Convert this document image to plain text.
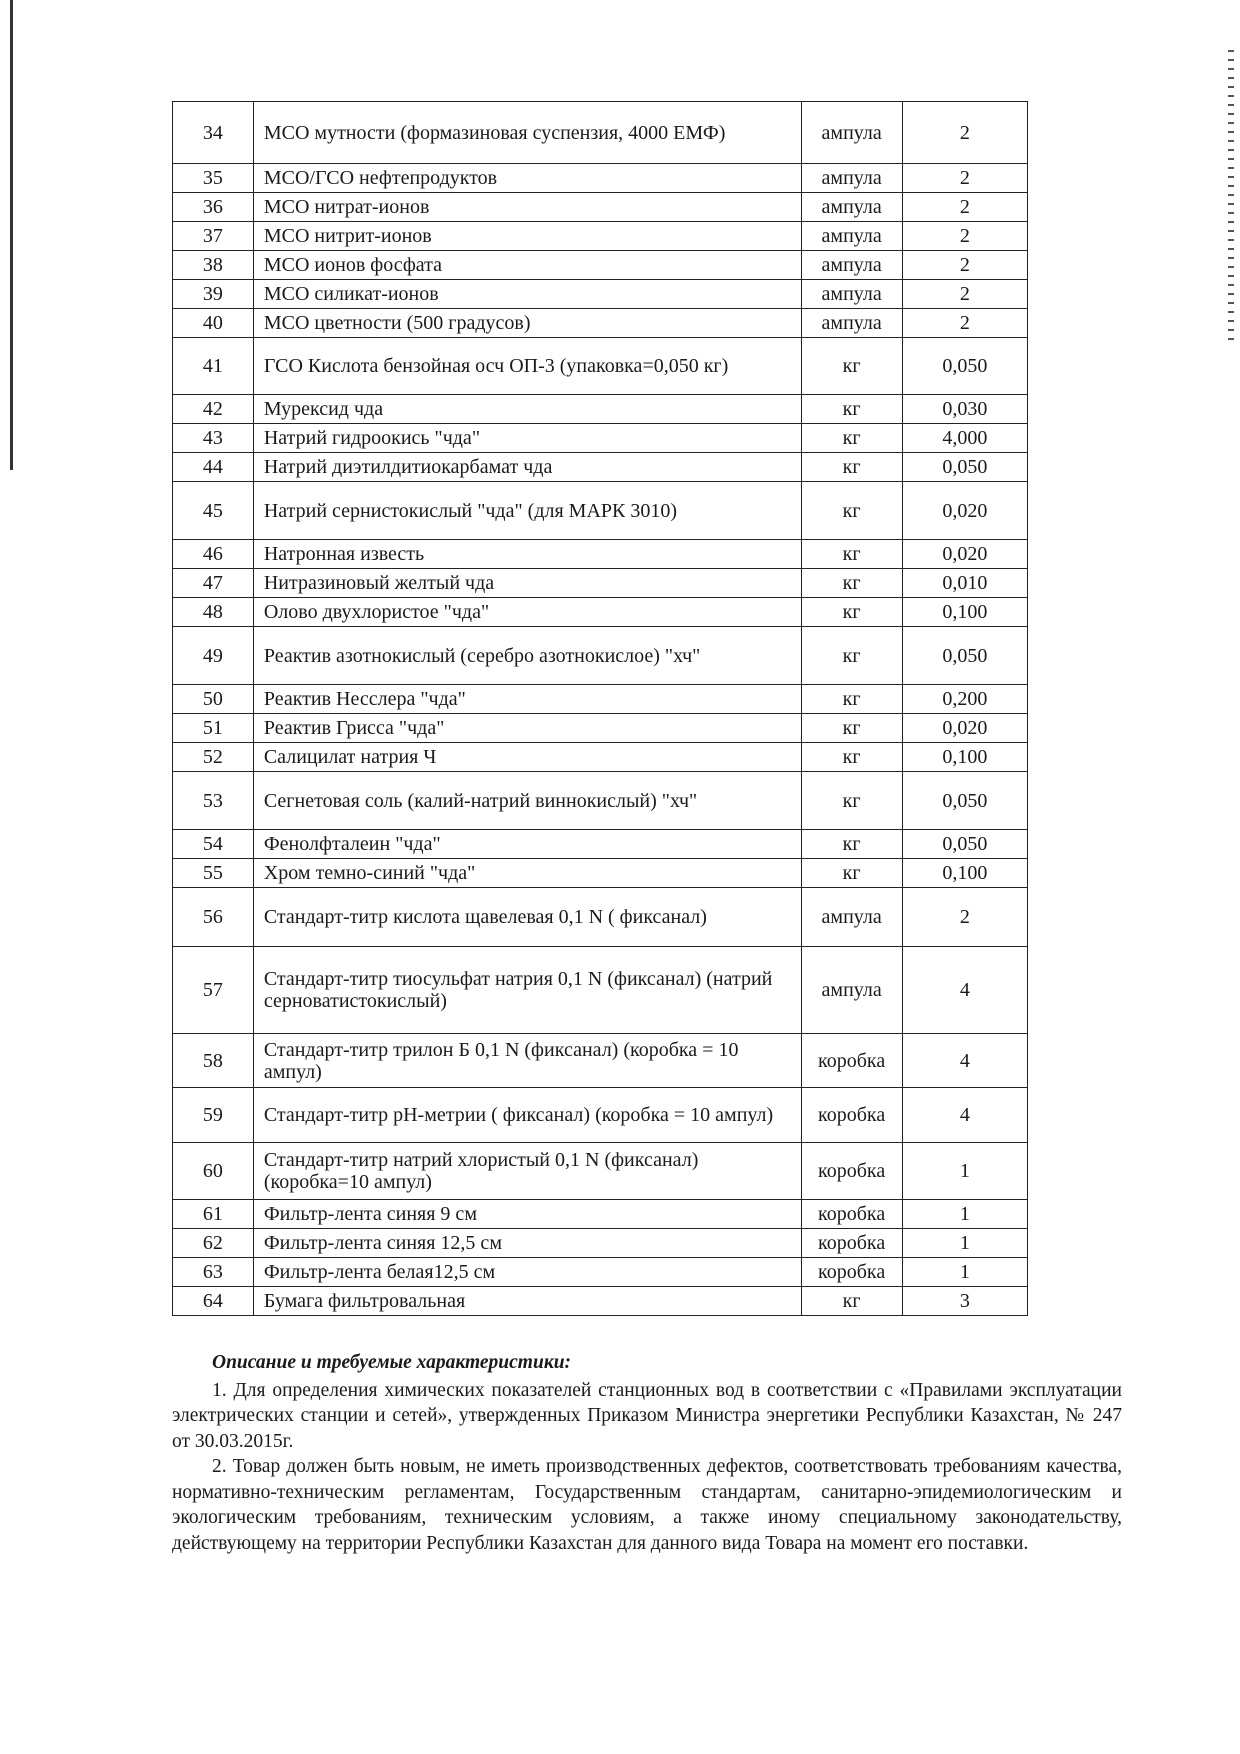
34	МСО мутности (формазиновая суспензия, 4000 ЕМФ)	ампула	2
35	МСО/ГСО нефтепродуктов	ампула	2
36	МСО нитрат-ионов	ампула	2
37	МСО нитрит-ионов	ампула	2
38	МСО ионов фосфата	ампула	2
39	МСО силикат-ионов	ампула	2
40	МСО цветности (500 градусов)	ампула	2
41	ГСО Кислота бензойная осч ОП-3 (упаковка=0,050 кг)	кг	0,050
42	Мурексид чда	кг	0,030
43	Натрий гидроокись "чда"	кг	4,000
44	Натрий диэтилдитиокарбамат чда	кг	0,050
45	Натрий сернистокислый "чда" (для МАРК 3010)	кг	0,020
46	Натронная известь	кг	0,020
47	Нитразиновый желтый чда	кг	0,010
48	Олово двухлористое "чда"	кг	0,100
49	Реактив азотнокислый (серебро азотнокислое) "хч"	кг	0,050
50	Реактив Несслера "чда"	кг	0,200
51	Реактив Грисса "чда"	кг	0,020
52	Салицилат натрия Ч	кг	0,100
53	Сегнетовая соль (калий-натрий виннокислый) "хч"	кг	0,050
54	Фенолфталеин "чда"	кг	0,050
55	Хром темно-синий "чда"	кг	0,100
56	Стандарт-титр кислота щавелевая 0,1 N ( фиксанал)	ампула	2
57	Стандарт-титр тиосульфат натрия 0,1 N (фиксанал) (натрий серноватистокислый)	ампула	4
58	Стандарт-титр трилон Б 0,1 N (фиксанал) (коробка = 10 ампул)	коробка	4
59	Стандарт-титр рН-метрии ( фиксанал) (коробка = 10 ампул)	коробка	4
60	Стандарт-титр натрий хлористый 0,1 N (фиксанал) (коробка=10 ампул)	коробка	1
61	Фильтр-лента синяя 9 см	коробка	1
62	Фильтр-лента синяя 12,5 см	коробка	1
63	Фильтр-лента белая12,5 см	коробка	1
64	Бумага фильтровальная	кг	3
Описание и требуемые характеристики:

1. Для определения химических показателей станционных вод в соответствии с «Правилами эксплуатации электрических станции и сетей», утвержденных Приказом Министра энергетики Республики Казахстан, № 247 от 30.03.2015г.

2. Товар должен быть новым, не иметь производственных дефектов, соответствовать требованиям качества, нормативно-техническим регламентам, Государственным стандартам, санитарно-эпидемиологическим и экологическим требованиям, техническим условиям, а также иному специальному законодательству, действующему на территории Республики Казахстан для данного вида Товара на момент его поставки.
